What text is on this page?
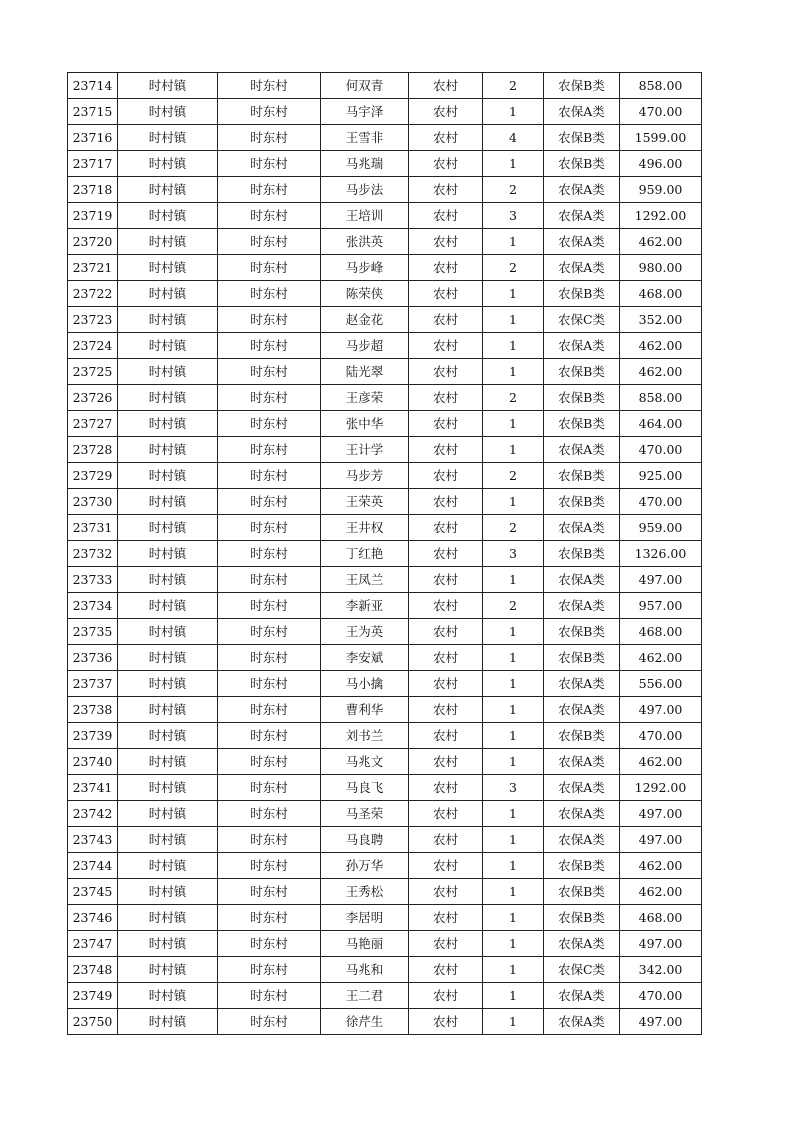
23714	时村镇	时东村	何双青	农村	2	农保B类	858.00
23715	时村镇	时东村	马宇泽	农村	1	农保A类	470.00
23716	时村镇	时东村	王雪非	农村	4	农保B类	1599.00
23717	时村镇	时东村	马兆瑞	农村	1	农保B类	496.00
23718	时村镇	时东村	马步法	农村	2	农保A类	959.00
23719	时村镇	时东村	王培训	农村	3	农保A类	1292.00
23720	时村镇	时东村	张洪英	农村	1	农保A类	462.00
23721	时村镇	时东村	马步峰	农村	2	农保A类	980.00
23722	时村镇	时东村	陈荣侠	农村	1	农保B类	468.00
23723	时村镇	时东村	赵金花	农村	1	农保C类	352.00
23724	时村镇	时东村	马步超	农村	1	农保A类	462.00
23725	时村镇	时东村	陆光翠	农村	1	农保B类	462.00
23726	时村镇	时东村	王彦荣	农村	2	农保B类	858.00
23727	时村镇	时东村	张中华	农村	1	农保B类	464.00
23728	时村镇	时东村	王计学	农村	1	农保A类	470.00
23729	时村镇	时东村	马步芳	农村	2	农保B类	925.00
23730	时村镇	时东村	王荣英	农村	1	农保B类	470.00
23731	时村镇	时东村	王井权	农村	2	农保A类	959.00
23732	时村镇	时东村	丁红艳	农村	3	农保B类	1326.00
23733	时村镇	时东村	王凤兰	农村	1	农保A类	497.00
23734	时村镇	时东村	李新亚	农村	2	农保A类	957.00
23735	时村镇	时东村	王为英	农村	1	农保B类	468.00
23736	时村镇	时东村	李安斌	农村	1	农保B类	462.00
23737	时村镇	时东村	马小擒	农村	1	农保A类	556.00
23738	时村镇	时东村	曹利华	农村	1	农保A类	497.00
23739	时村镇	时东村	刘书兰	农村	1	农保B类	470.00
23740	时村镇	时东村	马兆文	农村	1	农保A类	462.00
23741	时村镇	时东村	马良飞	农村	3	农保A类	1292.00
23742	时村镇	时东村	马圣荣	农村	1	农保A类	497.00
23743	时村镇	时东村	马良聘	农村	1	农保A类	497.00
23744	时村镇	时东村	孙万华	农村	1	农保B类	462.00
23745	时村镇	时东村	王秀松	农村	1	农保B类	462.00
23746	时村镇	时东村	李居明	农村	1	农保B类	468.00
23747	时村镇	时东村	马艳丽	农村	1	农保A类	497.00
23748	时村镇	时东村	马兆和	农村	1	农保C类	342.00
23749	时村镇	时东村	王二君	农村	1	农保A类	470.00
23750	时村镇	时东村	徐芹生	农村	1	农保A类	497.00
